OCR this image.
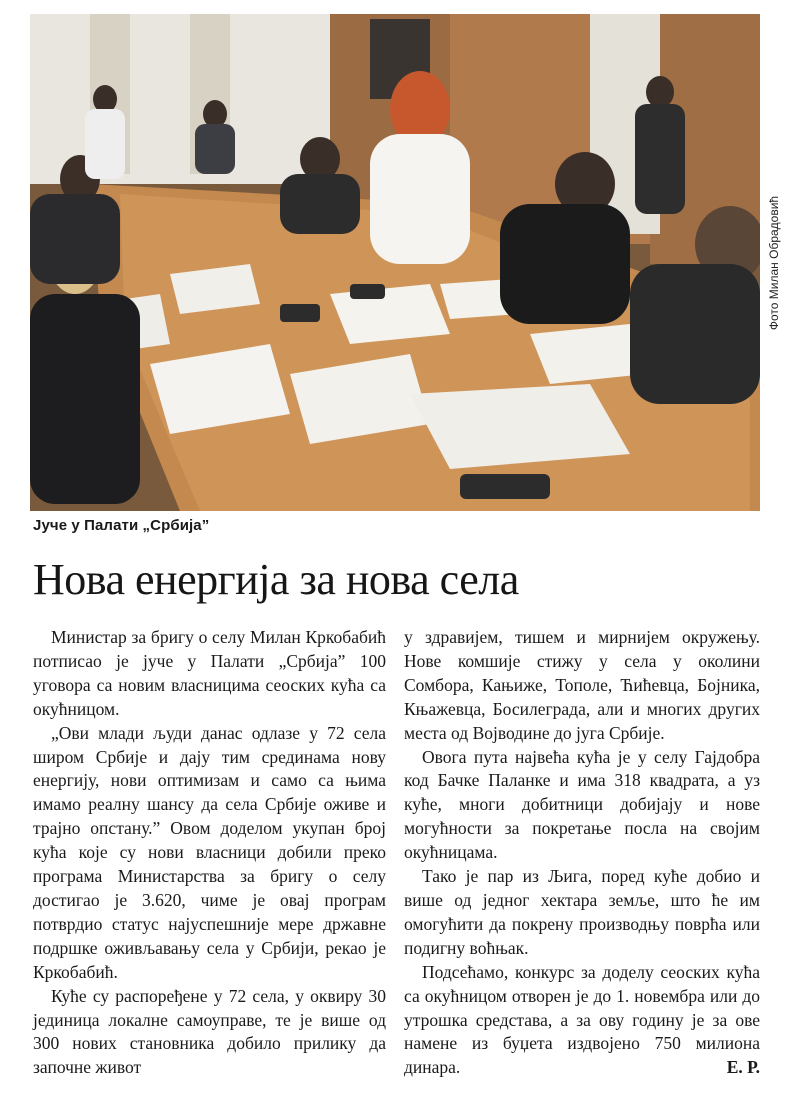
Фото Милан Обрадовић
Јуче у Палати „Србија”
Нова енергија за нова села

Министар за бригу о селу Милан Кркобабић потписао је јуче у Палати „Србија” 100 уговора са новим власницима сеоских кућа са окућницом.

„Ови млади људи данас одлазе у 72 села широм Србије и дају тим срединама нову енергију, нови оптимизам и само са њима имамо реалну шансу да села Србије оживе и трајно опстану.” Овом доделом укупан број кућа које су нови власници добили преко програма Министарства за бригу о селу достигао је 3.620, чиме је овај програм потврдио статус најуспешније мере државне подршке оживљавању села у Србији, рекао је Кркобабић.

Куће су распоређене у 72 села, у оквиру 30 јединица локалне самоуправе, те је више од 300 нових становника добило прилику да започне живот

у здравијем, тишем и мирнијем окружењу. Нове комшије стижу у села у околини Сомбора, Кањиже, Тополе, Ћићевца, Бојника, Књажевца, Босилеграда, али и многих других места од Војводине до југа Србије.

Овога пута највећа кућа је у селу Гајдобра код Бачке Паланке и има 318 квадрата, а уз куће, многи добитници добијају и нове могућности за покретање посла на својим окућницама.

Тако је пар из Љига, поред куће добио и више од једног хектара земље, што ће им омогућити да покрену производњу поврћа или подигну воћњак.

Подсећамо, конкурс за доделу сеоских кућа са окућницом отворен је до 1. новембра или до утрошка средстава, а за ову годину је за ове намене из буџета издвојено 750 милиона динара.	Е. Р.
